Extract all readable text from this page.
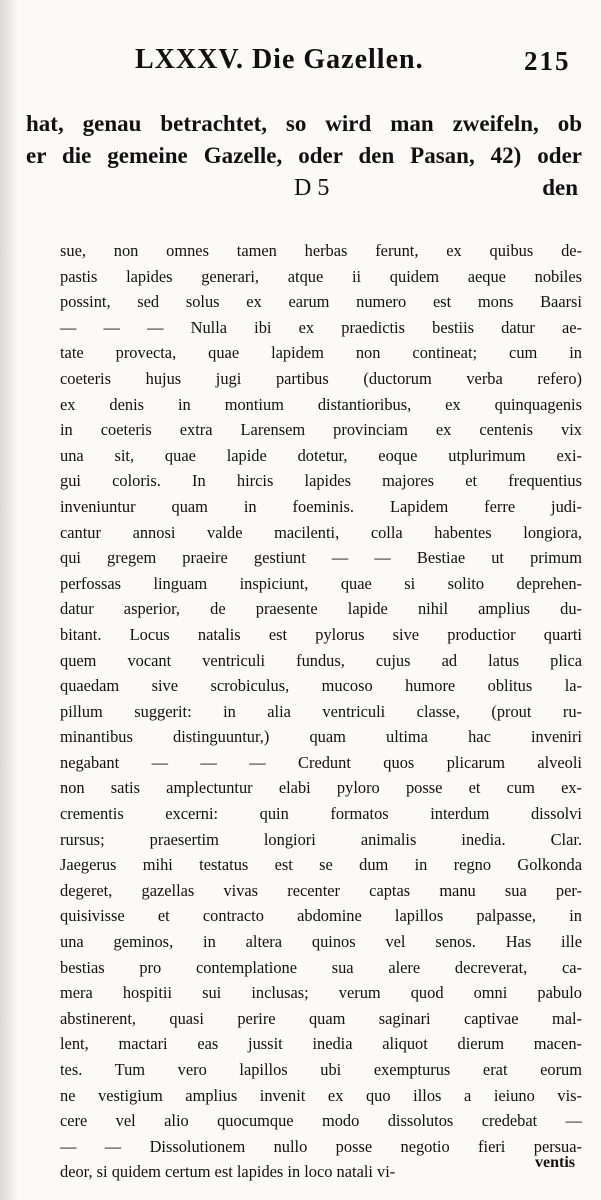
LXXXV. Die Gazellen.	215
hat, genau betrachtet, so wird man zweifeln, ob
er die gemeine Gazelle, oder den Pasan, 42) oder
D 5	den
sue, non omnes tamen herbas ferunt, ex quibus de-
pastis lapides generari, atque ii quidem aeque nobiles
possint, sed solus ex earum numero est mons Baarsi
— — — Nulla ibi ex praedictis bestiis datur ae-
tate provecta, quae lapidem non contineat; cum in
coeteris hujus jugi partibus (ductorum verba refero)
ex denis in montium distantioribus, ex quinquagenis
in coeteris extra Larensem provinciam ex centenis vix
una sit, quae lapide dotetur, eoque utplurimum exi-
gui coloris. In hircis lapides majores et frequentius
inveniuntur quam in foeminis. Lapidem ferre judi-
cantur annosi valde macilenti, colla habentes longiora,
qui gregem praeire gestiunt — — Bestiae ut primum
perfossas linguam inspiciunt, quae si solito deprehen-
datur asperior, de praesente lapide nihil amplius du-
bitant. Locus natalis est pylorus sive productior quarti
quem vocant ventriculi fundus, cujus ad latus plica
quaedam sive scrobiculus, mucoso humore oblitus la-
pillum suggerit: in alia ventriculi classe, (prout ru-
minantibus distinguuntur,) quam ultima hac inveniri
negabant — — — Credunt quos plicarum alveoli
non satis amplectuntur elabi pyloro posse et cum ex-
crementis excerni: quin formatos interdum dissolvi
rursus; praesertim longiori animalis inedia. Clar.
Jaegerus mihi testatus est se dum in regno Golkonda
degeret, gazellas vivas recenter captas manu sua per-
quisivisse et contracto abdomine lapillos palpasse, in
una geminos, in altera quinos vel senos. Has ille
bestias pro contemplatione sua alere decreverat, ca-
mera hospitii sui inclusas; verum quod omni pabulo
abstinerent, quasi perire quam saginari captivae mal-
lent, mactari eas jussit inedia aliquot dierum macen-
tes. Tum vero lapillos ubi exempturus erat eorum
ne vestigium amplius invenit ex quo illos a ieiuno vis-
cere vel alio quocumque modo dissolutos credebat —
— — Dissolutionem nullo posse negotio fieri persua-
deor, si quidem certum est lapides in loco natali vi-	ventis
